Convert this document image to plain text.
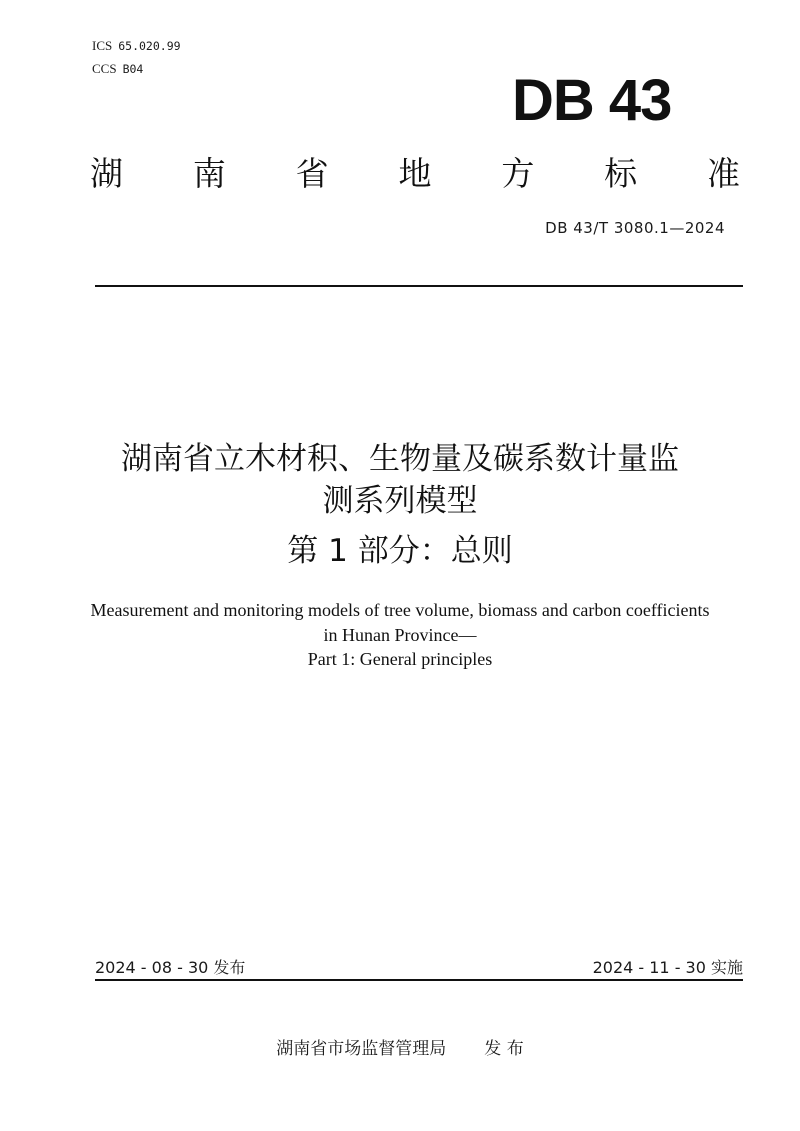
ICS 65.020.99
CCS B04	DB 43
湖 南 省 地 方 标 准
DB 43/T 3080.1—2024
湖南省立木材积、生物量及碳系数计量监
测系列模型
第 1 部分：总则
Measurement and monitoring models of tree volume, biomass and carbon coefficients
in Hunan Province—
Part 1: General principles
2024 - 08 - 30 发布	2024 - 11 - 30 实施
湖南省市场监督管理局 发 布
